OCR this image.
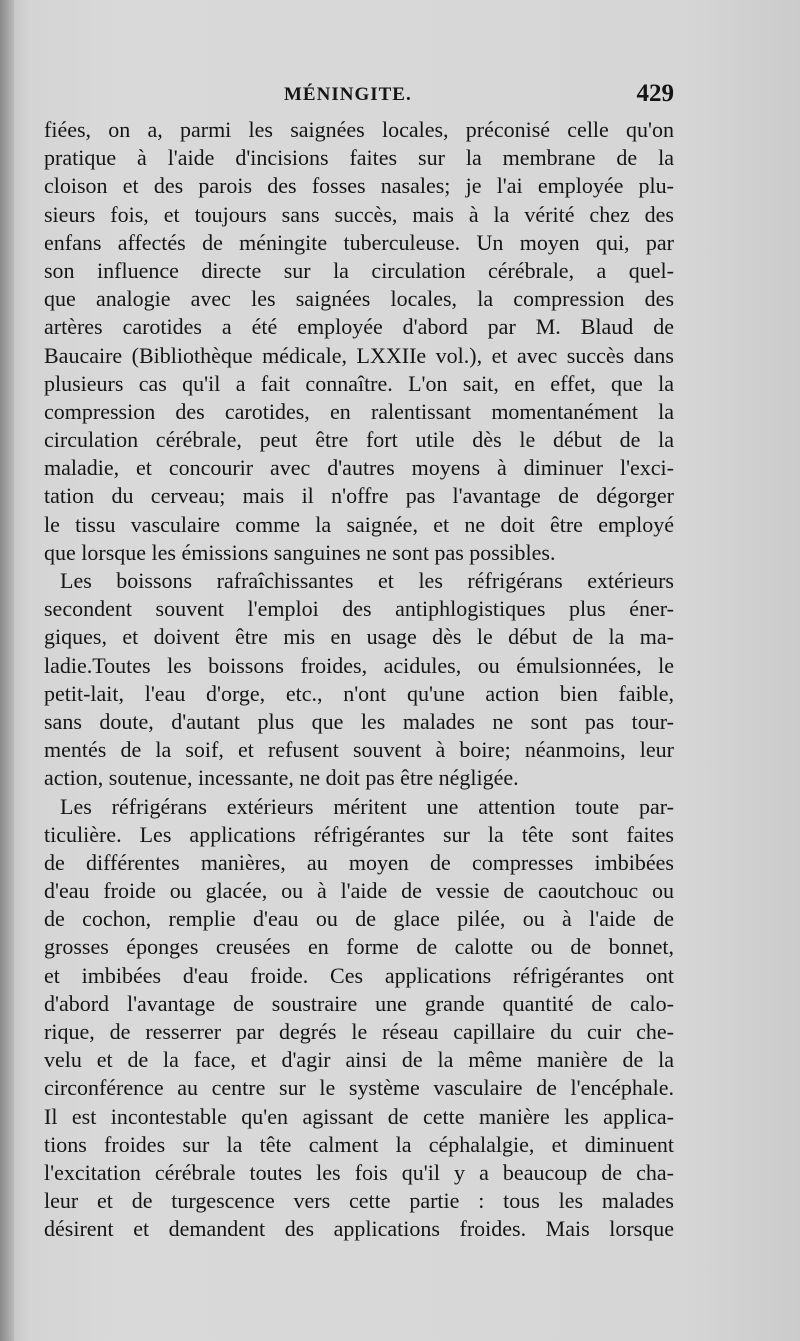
MÉNINGITE.	429
fiées, on a, parmi les saignées locales, préconisé celle qu'on
pratique à l'aide d'incisions faites sur la membrane de la
cloison et des parois des fosses nasales; je l'ai employée plu-
sieurs fois, et toujours sans succès, mais à la vérité chez des
enfans affectés de méningite tuberculeuse. Un moyen qui, par
son influence directe sur la circulation cérébrale, a quel-
que analogie avec les saignées locales, la compression des
artères carotides a été employée d'abord par M. Blaud de
Baucaire (Bibliothèque médicale, LXXIIe vol.), et avec succès dans
plusieurs cas qu'il a fait connaître. L'on sait, en effet, que la
compression des carotides, en ralentissant momentanément la
circulation cérébrale, peut être fort utile dès le début de la
maladie, et concourir avec d'autres moyens à diminuer l'exci-
tation du cerveau; mais il n'offre pas l'avantage de dégorger
le tissu vasculaire comme la saignée, et ne doit être employé
que lorsque les émissions sanguines ne sont pas possibles.
Les boissons rafraîchissantes et les réfrigérans extérieurs
secondent souvent l'emploi des antiphlogistiques plus éner-
giques, et doivent être mis en usage dès le début de la ma-
ladie.Toutes les boissons froides, acidules, ou émulsionnées, le
petit-lait, l'eau d'orge, etc., n'ont qu'une action bien faible,
sans doute, d'autant plus que les malades ne sont pas tour-
mentés de la soif, et refusent souvent à boire; néanmoins, leur
action, soutenue, incessante, ne doit pas être négligée.
Les réfrigérans extérieurs méritent une attention toute par-
ticulière. Les applications réfrigérantes sur la tête sont faites
de différentes manières, au moyen de compresses imbibées
d'eau froide ou glacée, ou à l'aide de vessie de caoutchouc ou
de cochon, remplie d'eau ou de glace pilée, ou à l'aide de
grosses éponges creusées en forme de calotte ou de bonnet,
et imbibées d'eau froide. Ces applications réfrigérantes ont
d'abord l'avantage de soustraire une grande quantité de calo-
rique, de resserrer par degrés le réseau capillaire du cuir che-
velu et de la face, et d'agir ainsi de la même manière de la
circonférence au centre sur le système vasculaire de l'encéphale.
Il est incontestable qu'en agissant de cette manière les applica-
tions froides sur la tête calment la céphalalgie, et diminuent
l'excitation cérébrale toutes les fois qu'il y a beaucoup de cha-
leur et de turgescence vers cette partie : tous les malades
désirent et demandent des applications froides. Mais lorsque
